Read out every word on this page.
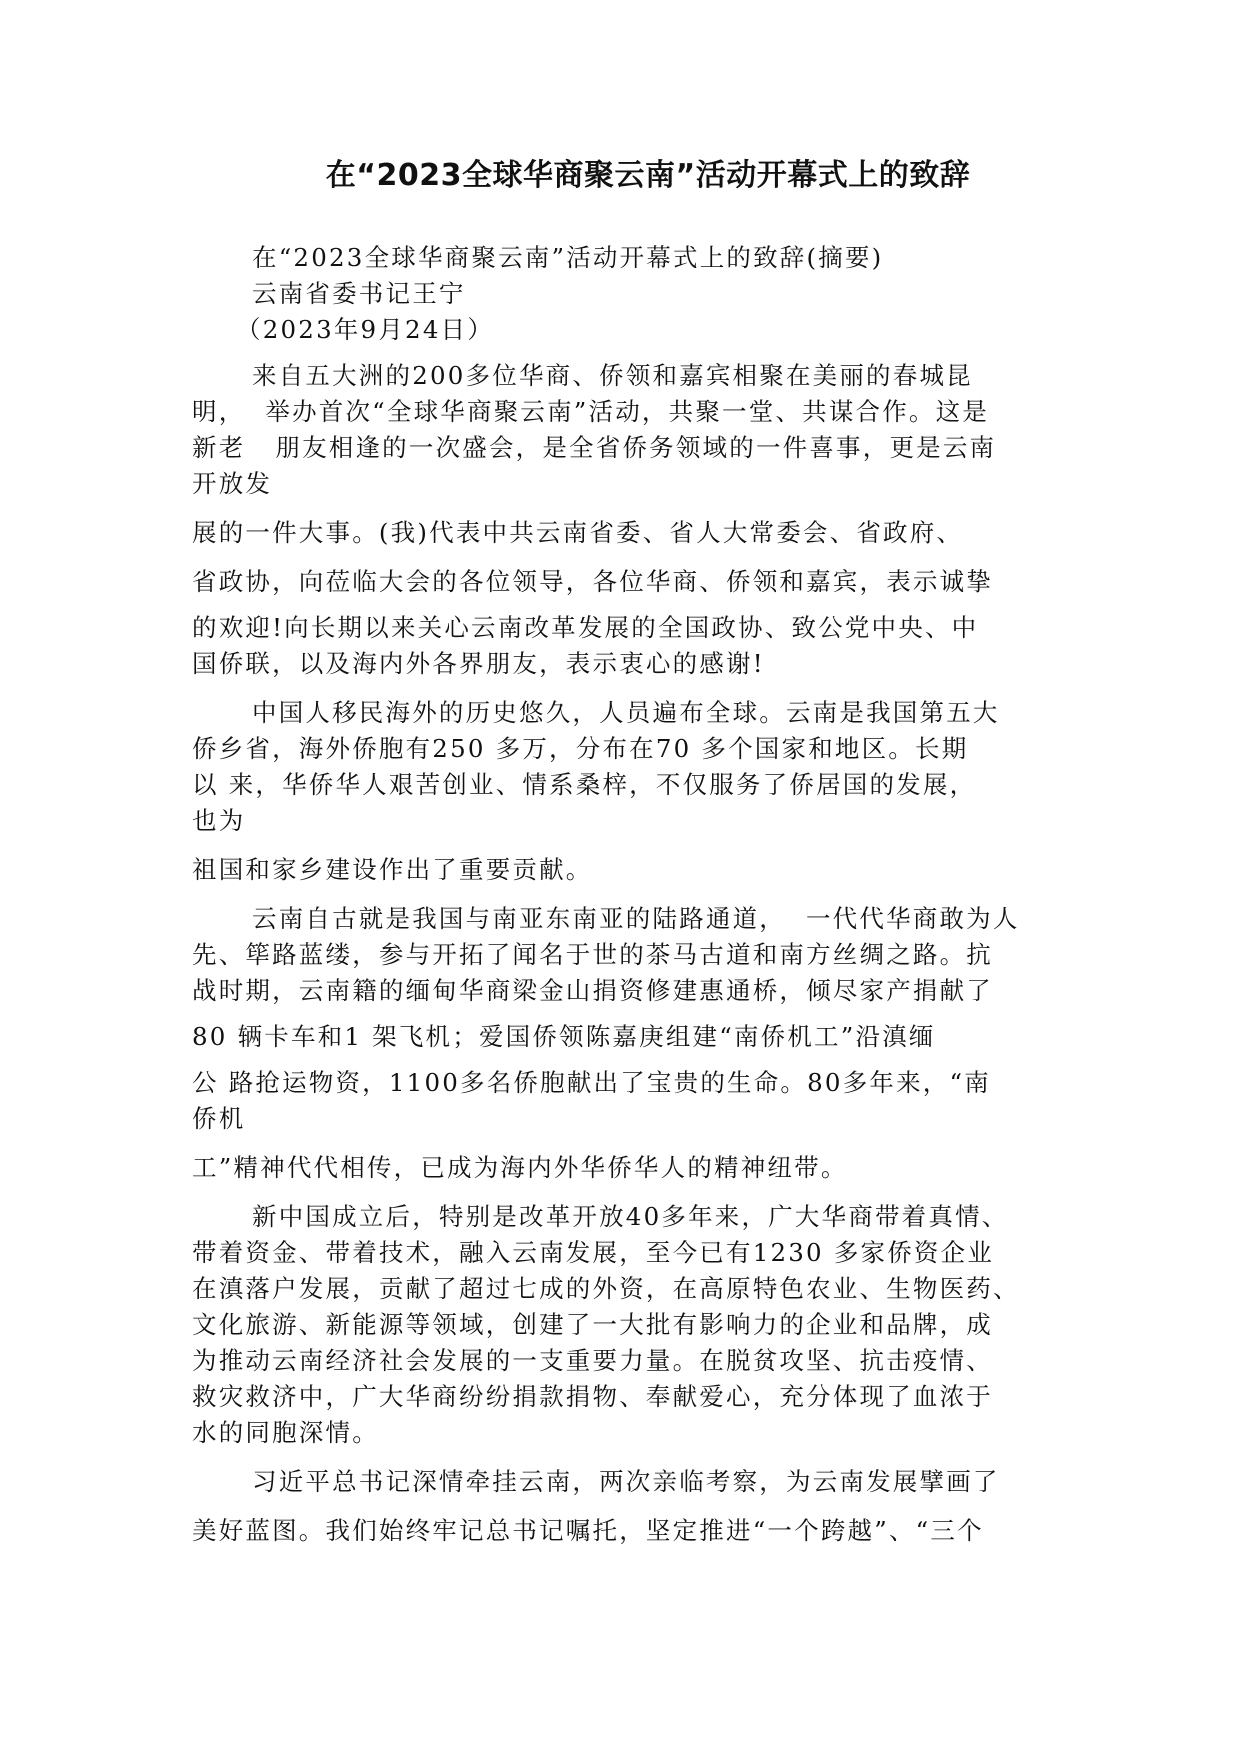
在“2023全球华商聚云南”活动开幕式上的致辞
在“2023全球华商聚云南”活动开幕式上的致辞(摘要)
云南省委书记王宁
（2023年9月24日）
来自五大洲的200多位华商、侨领和嘉宾相聚在美丽的春城昆
明，  举办首次“全球华商聚云南”活动，共聚一堂、共谋合作。这是
新老   朋友相逢的一次盛会，是全省侨务领域的一件喜事，更是云南
开放发
展的一件大事。(我)代表中共云南省委、省人大常委会、省政府、
省政协，向莅临大会的各位领导，各位华商、侨领和嘉宾，表示诚挚
的欢迎!向长期以来关心云南改革发展的全国政协、致公党中央、中
国侨联，以及海内外各界朋友，表示衷心的感谢!
中国人移民海外的历史悠久，人员遍布全球。云南是我国第五大
侨乡省，海外侨胞有250 多万，分布在70 多个国家和地区。长期
以 来，华侨华人艰苦创业、情系桑梓，不仅服务了侨居国的发展，
也为
祖国和家乡建设作出了重要贡献。
云南自古就是我国与南亚东南亚的陆路通道，  一代代华商敢为人
先、筚路蓝缕，参与开拓了闻名于世的茶马古道和南方丝绸之路。抗
战时期，云南籍的缅甸华商梁金山捐资修建惠通桥，倾尽家产捐献了
80 辆卡车和1 架飞机；爱国侨领陈嘉庚组建“南侨机工”沿滇缅
公 路抢运物资，1100多名侨胞献出了宝贵的生命。80多年来，“南
侨机
工”精神代代相传，已成为海内外华侨华人的精神纽带。
新中国成立后，特别是改革开放40多年来，广大华商带着真情、
带着资金、带着技术，融入云南发展，至今已有1230 多家侨资企业
在滇落户发展，贡献了超过七成的外资，在高原特色农业、生物医药、
文化旅游、新能源等领域，创建了一大批有影响力的企业和品牌，成
为推动云南经济社会发展的一支重要力量。在脱贫攻坚、抗击疫情、
救灾救济中，广大华商纷纷捐款捐物、奉献爱心，充分体现了血浓于
水的同胞深情。
习近平总书记深情牵挂云南，两次亲临考察，为云南发展擘画了
美好蓝图。我们始终牢记总书记嘱托，坚定推进“一个跨越”、“三个
